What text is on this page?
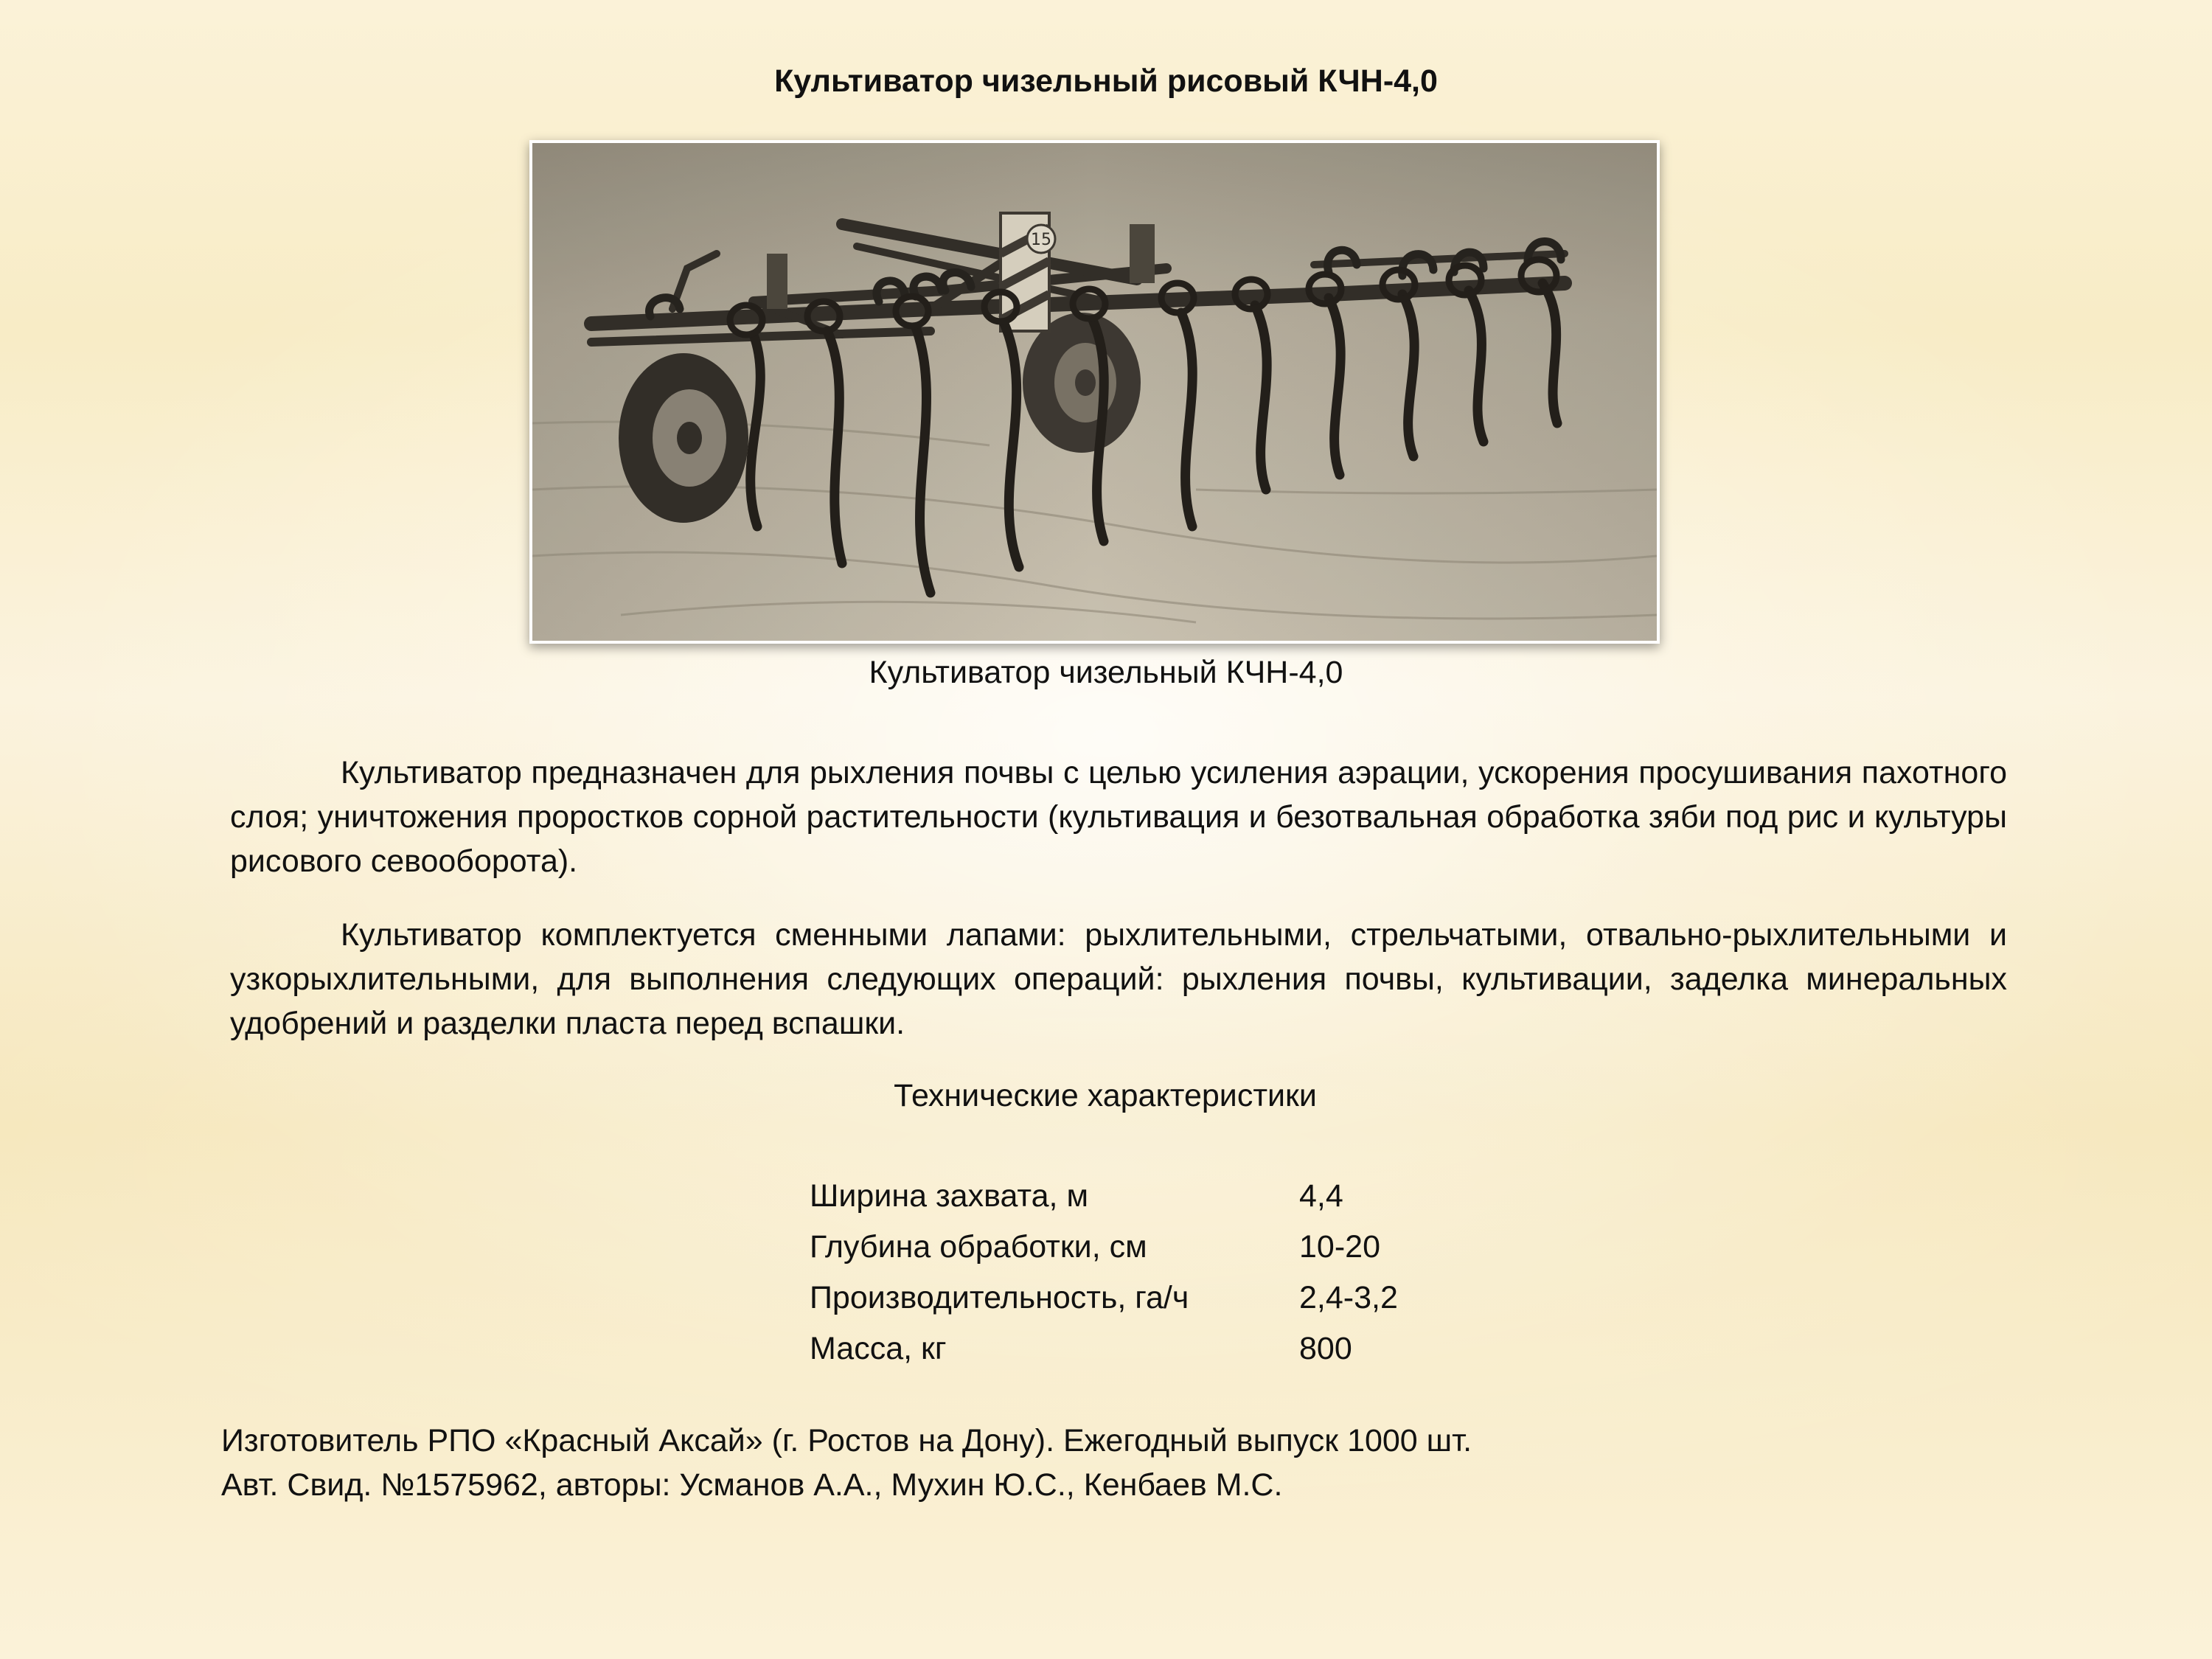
Культиватор чизельный рисовый КЧН-4,0
15
Культиватор чизельный КЧН-4,0

Культиватор предназначен для рыхления почвы с целью усиления аэрации, ускорения просушивания пахотного слоя; уничтожения проростков сорной растительности (культивация и безотвальная обработка зяби под рис и культуры рисового севооборота).

Культиватор комплектуется сменными лапами: рыхлительными, стрельчатыми, отвально-рыхлительными и узкорыхлительными, для выполнения следующих операций: рыхления почвы, культивации, заделка минеральных удобрений и разделки пласта перед вспашки.

Технические характеристики
Ширина захвата, м	4,4
Глубина обработки, см	10-20
Производительность, га/ч	2,4-3,2
Масса, кг	800
Изготовитель РПО «Красный Аксай» (г. Ростов на Дону). Ежегодный выпуск 1000 шт.
Авт. Свид. №1575962, авторы: Усманов А.А., Мухин Ю.С., Кенбаев М.С.
